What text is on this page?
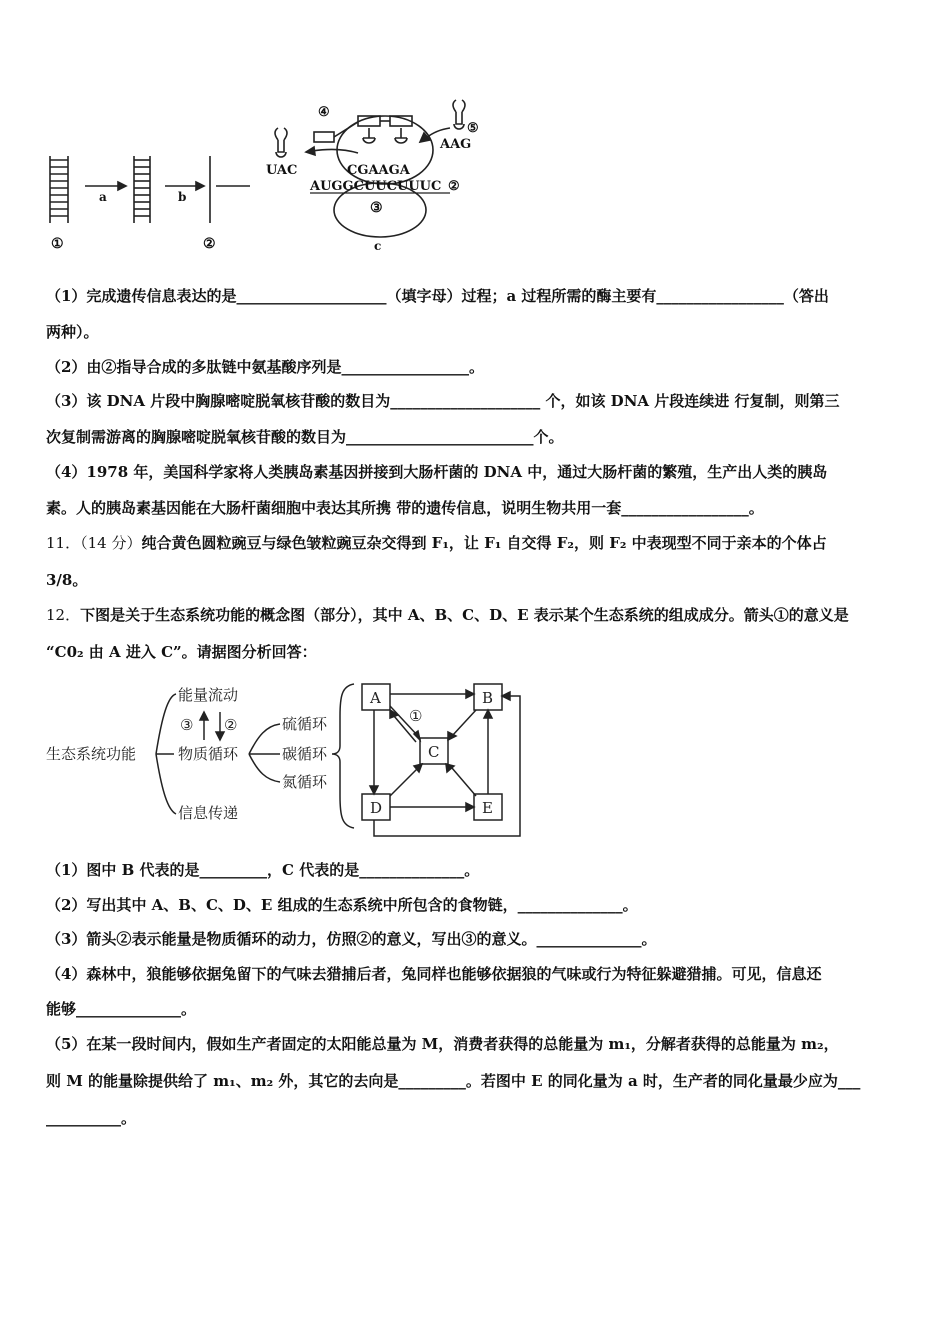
④
⑤
UAC	CGAAGA
AAG
AUGGCUUCUUUC ②
③
a	b
①	②	c
（1）完成遗传信息表达的是____________________（填字母）过程；a 过程所需的酶主要有_________________（答出
两种）。
（2）由②指导合成的多肽链中氨基酸序列是_________________。
（3）该 DNA 片段中胸腺嘧啶脱氧核苷酸的数目为____________________ 个，如该 DNA 片段连续进 行复制，则第三
次复制需游离的胸腺嘧啶脱氧核苷酸的数目为_________________________个。
（4）1978 年，美国科学家将人类胰岛素基因拼接到大肠杆菌的 DNA 中，通过大肠杆菌的繁殖，生产出人类的胰岛
素。人的胰岛素基因能在大肠杆菌细胞中表达其所携 带的遗传信息，说明生物共用一套_________________。
11．（14 分）纯合黄色圆粒豌豆与绿色皱粒豌豆杂交得到 F₁，让 F₁ 自交得 F₂，则 F₂ 中表现型不同于亲本的个体占
3/8。
12．下图是关于生态系统功能的概念图（部分），其中 A、B、C、D、E 表示某个生态系统的组成成分。箭头①的意义是
“C0₂ 由 A 进入 C”。请据图分析回答：
生态系统功能
能量流动
物质循环
信息传递
③ ②	硫循环
碳循环
氮循环
A	B
C
D	E
①
（1）图中 B 代表的是_________，C 代表的是______________。
（2）写出其中 A、B、C、D、E 组成的生态系统中所包含的食物链，______________。
（3）箭头②表示能量是物质循环的动力，仿照②的意义，写出③的意义。______________。
（4）森林中，狼能够依据兔留下的气味去猎捕后者，兔同样也能够依据狼的气味或行为特征躲避猎捕。可见，信息还
能够______________。
（5）在某一段时间内，假如生产者固定的太阳能总量为 M，消费者获得的总能量为 m₁，分解者获得的总能量为 m₂，
则 M 的能量除提供给了 m₁、m₂ 外，其它的去向是_________。若图中 E 的同化量为 a 时，生产者的同化量最少应为___
__________。
